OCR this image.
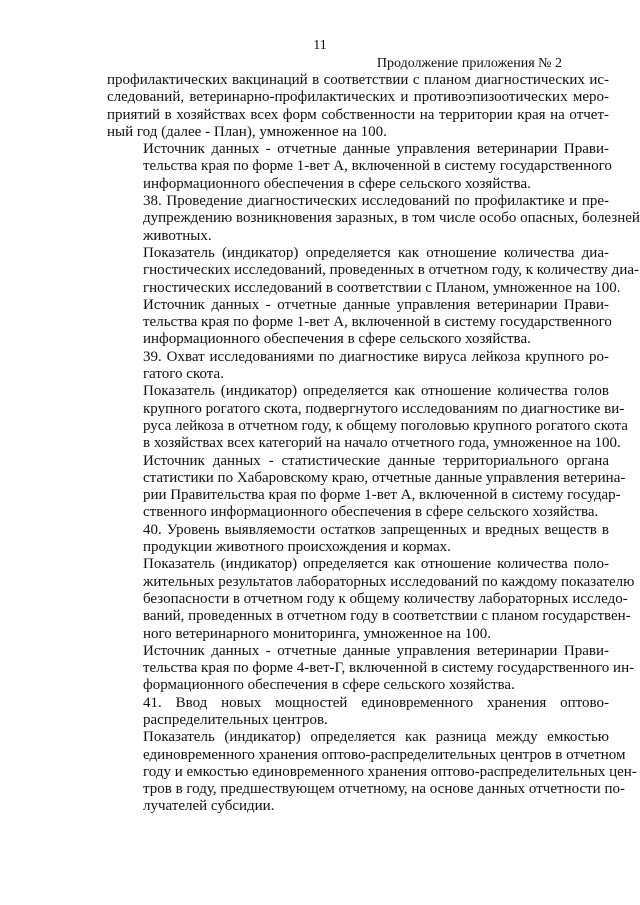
11
Продолжение приложения № 2

профилактических вакцинаций в соответствии с планом диагностических ис-
следований, ветеринарно-профилактических и противоэпизоотических меро-
приятий в хозяйствах всех форм собственности на территории края на отчет-
ный год (далее - План), умноженное на 100.

Источник данных - отчетные данные управления ветеринарии Прави-
тельства края по форме 1-вет А, включенной в систему государственного
информационного обеспечения в сфере сельского хозяйства.

38. Проведение диагностических исследований по профилактике и пре-
дупреждению возникновения заразных, в том числе особо опасных, болезней
животных.

Показатель (индикатор) определяется как отношение количества диа-
гностических исследований, проведенных в отчетном году, к количеству диа-
гностических исследований в соответствии с Планом, умноженное на 100.

Источник данных - отчетные данные управления ветеринарии Прави-
тельства края по форме 1-вет А, включенной в систему государственного
информационного обеспечения в сфере сельского хозяйства.

39. Охват исследованиями по диагностике вируса лейкоза крупного ро-
гатого скота.

Показатель (индикатор) определяется как отношение количества голов
крупного рогатого скота, подвергнутого исследованиям по диагностике ви-
руса лейкоза в отчетном году, к общему поголовью крупного рогатого скота
в хозяйствах всех категорий на начало отчетного года, умноженное на 100.

Источник данных - статистические данные территориального органа
статистики по Хабаровскому краю, отчетные данные управления ветерина-
рии Правительства края по форме 1-вет А, включенной в систему государ-
ственного информационного обеспечения в сфере сельского хозяйства.

40. Уровень выявляемости остатков запрещенных и вредных веществ в
продукции животного происхождения и кормах.

Показатель (индикатор) определяется как отношение количества поло-
жительных результатов лабораторных исследований по каждому показателю
безопасности в отчетном году к общему количеству лабораторных исследо-
ваний, проведенных в отчетном году в соответствии с планом государствен-
ного ветеринарного мониторинга, умноженное на 100.

Источник данных - отчетные данные управления ветеринарии Прави-
тельства края по форме 4-вет-Г, включенной в систему государственного ин-
формационного обеспечения в сфере сельского хозяйства.

41. Ввод новых мощностей единовременного хранения оптово-
распределительных центров.

Показатель (индикатор) определяется как разница между емкостью
единовременного хранения оптово-распределительных центров в отчетном
году и емкостью единовременного хранения оптово-распределительных цен-
тров в году, предшествующем отчетному, на основе данных отчетности по-
лучателей субсидии.
